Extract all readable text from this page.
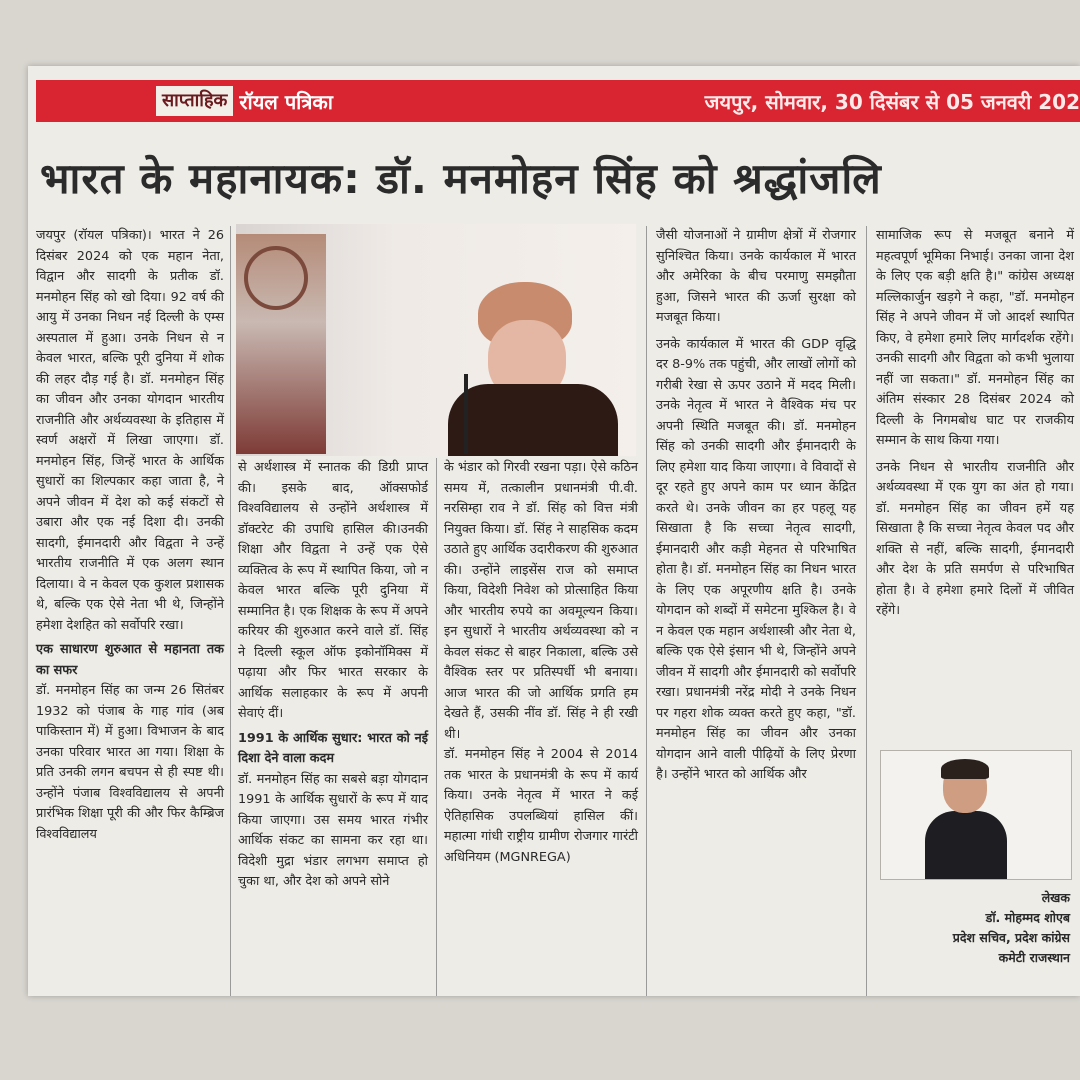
साप्ताहिक रॉयल पत्रिका	जयपुर, सोमवार, 30 दिसंबर से 05 जनवरी 202
भारत के महानायक: डॉ. मनमोहन सिंह को श्रद्धांजलि

जयपुर (रॉयल पत्रिका)। भारत ने 26 दिसंबर 2024 को एक महान नेता, विद्वान और सादगी के प्रतीक डॉ. मनमोहन सिंह को खो दिया। 92 वर्ष की आयु में उनका निधन नई दिल्ली के एम्स अस्पताल में हुआ। उनके निधन से न केवल भारत, बल्कि पूरी दुनिया में शोक की लहर दौड़ गई है। डॉ. मनमोहन सिंह का जीवन और उनका योगदान भारतीय राजनीति और अर्थव्यवस्था के इतिहास में स्वर्ण अक्षरों में लिखा जाएगा। डॉ. मनमोहन सिंह, जिन्हें भारत के आर्थिक सुधारों का शिल्पकार कहा जाता है, ने अपने जीवन में देश को कई संकटों से उबारा और एक नई दिशा दी। उनकी सादगी, ईमानदारी और विद्वता ने उन्हें भारतीय राजनीति में एक अलग स्थान दिलाया। वे न केवल एक कुशल प्रशासक थे, बल्कि एक ऐसे नेता भी थे, जिन्होंने हमेशा देशहित को सर्वोपरि रखा।

एक साधारण शुरुआत से महानता तक का सफर

डॉ. मनमोहन सिंह का जन्म 26 सितंबर 1932 को पंजाब के गाह गांव (अब पाकिस्तान में) में हुआ। विभाजन के बाद उनका परिवार भारत आ गया। शिक्षा के प्रति उनकी लगन बचपन से ही स्पष्ट थी। उन्होंने पंजाब विश्वविद्यालय से अपनी प्रारंभिक शिक्षा पूरी की और फिर कैम्ब्रिज विश्वविद्यालय

से अर्थशास्त्र में स्नातक की डिग्री प्राप्त की। इसके बाद, ऑक्सफोर्ड विश्वविद्यालय से उन्होंने अर्थशास्त्र में डॉक्टरेट की उपाधि हासिल की।उनकी शिक्षा और विद्वता ने उन्हें एक ऐसे व्यक्तित्व के रूप में स्थापित किया, जो न केवल भारत बल्कि पूरी दुनिया में सम्मानित है। एक शिक्षक के रूप में अपने करियर की शुरुआत करने वाले डॉ. सिंह ने दिल्ली स्कूल ऑफ इकोनॉमिक्स में पढ़ाया और फिर भारत सरकार के आर्थिक सलाहकार के रूप में अपनी सेवाएं दीं।

1991 के आर्थिक सुधार: भारत को नई दिशा देने वाला कदम

डॉ. मनमोहन सिंह का सबसे बड़ा योगदान 1991 के आर्थिक सुधारों के रूप में याद किया जाएगा। उस समय भारत गंभीर आर्थिक संकट का सामना कर रहा था। विदेशी मुद्रा भंडार लगभग समाप्त हो चुका था, और देश को अपने सोने

के भंडार को गिरवी रखना पड़ा। ऐसे कठिन समय में, तत्कालीन प्रधानमंत्री पी.वी. नरसिम्हा राव ने डॉ. सिंह को वित्त मंत्री नियुक्त किया। डॉ. सिंह ने साहसिक कदम उठाते हुए आर्थिक उदारीकरण की शुरुआत की। उन्होंने लाइसेंस राज को समाप्त किया, विदेशी निवेश को प्रोत्साहित किया और भारतीय रुपये का अवमूल्यन किया। इन सुधारों ने भारतीय अर्थव्यवस्था को न केवल संकट से बाहर निकाला, बल्कि उसे वैश्विक स्तर पर प्रतिस्पर्धी भी बनाया। आज भारत की जो आर्थिक प्रगति हम देखते हैं, उसकी नींव डॉ. सिंह ने ही रखी थी।

डॉ. मनमोहन सिंह ने 2004 से 2014 तक भारत के प्रधानमंत्री के रूप में कार्य किया। उनके नेतृत्व में भारत ने कई ऐतिहासिक उपलब्धियां हासिल कीं। महात्मा गांधी राष्ट्रीय ग्रामीण रोजगार गारंटी अधिनियम (MGNREGA)

जैसी योजनाओं ने ग्रामीण क्षेत्रों में रोजगार सुनिश्चित किया। उनके कार्यकाल में भारत और अमेरिका के बीच परमाणु समझौता हुआ, जिसने भारत की ऊर्जा सुरक्षा को मजबूत किया।

उनके कार्यकाल में भारत की GDP वृद्धि दर 8-9% तक पहुंची, और लाखों लोगों को गरीबी रेखा से ऊपर उठाने में मदद मिली। उनके नेतृत्व में भारत ने वैश्विक मंच पर अपनी स्थिति मजबूत की। डॉ. मनमोहन सिंह को उनकी सादगी और ईमानदारी के लिए हमेशा याद किया जाएगा। वे विवादों से दूर रहते हुए अपने काम पर ध्यान केंद्रित करते थे। उनके जीवन का हर पहलू यह सिखाता है कि सच्चा नेतृत्व सादगी, ईमानदारी और कड़ी मेहनत से परिभाषित होता है। डॉ. मनमोहन सिंह का निधन भारत के लिए एक अपूरणीय क्षति है। उनके योगदान को शब्दों में समेटना मुश्किल है। वे न केवल एक महान अर्थशास्त्री और नेता थे, बल्कि एक ऐसे इंसान भी थे, जिन्होंने अपने जीवन में सादगी और ईमानदारी को सर्वोपरि रखा। प्रधानमंत्री नरेंद्र मोदी ने उनके निधन पर गहरा शोक व्यक्त करते हुए कहा, "डॉ. मनमोहन सिंह का जीवन और उनका योगदान आने वाली पीढ़ियों के लिए प्रेरणा है। उन्होंने भारत को आर्थिक और

सामाजिक रूप से मजबूत बनाने में महत्वपूर्ण भूमिका निभाई। उनका जाना देश के लिए एक बड़ी क्षति है।" कांग्रेस अध्यक्ष मल्लिकार्जुन खड़गे ने कहा, "डॉ. मनमोहन सिंह ने अपने जीवन में जो आदर्श स्थापित किए, वे हमेशा हमारे लिए मार्गदर्शक रहेंगे। उनकी सादगी और विद्वता को कभी भुलाया नहीं जा सकता।" डॉ. मनमोहन सिंह का अंतिम संस्कार 28 दिसंबर 2024 को दिल्ली के निगमबोध घाट पर राजकीय सम्मान के साथ किया गया।

उनके निधन से भारतीय राजनीति और अर्थव्यवस्था में एक युग का अंत हो गया। डॉ. मनमोहन सिंह का जीवन हमें यह सिखाता है कि सच्चा नेतृत्व केवल पद और शक्ति से नहीं, बल्कि सादगी, ईमानदारी और देश के प्रति समर्पण से परिभाषित होता है। वे हमेशा हमारे दिलों में जीवित रहेंगे।

लेखक
डॉ. मोहम्मद शोएब
प्रदेश सचिव, प्रदेश कांग्रेस
कमेटी राजस्थान
